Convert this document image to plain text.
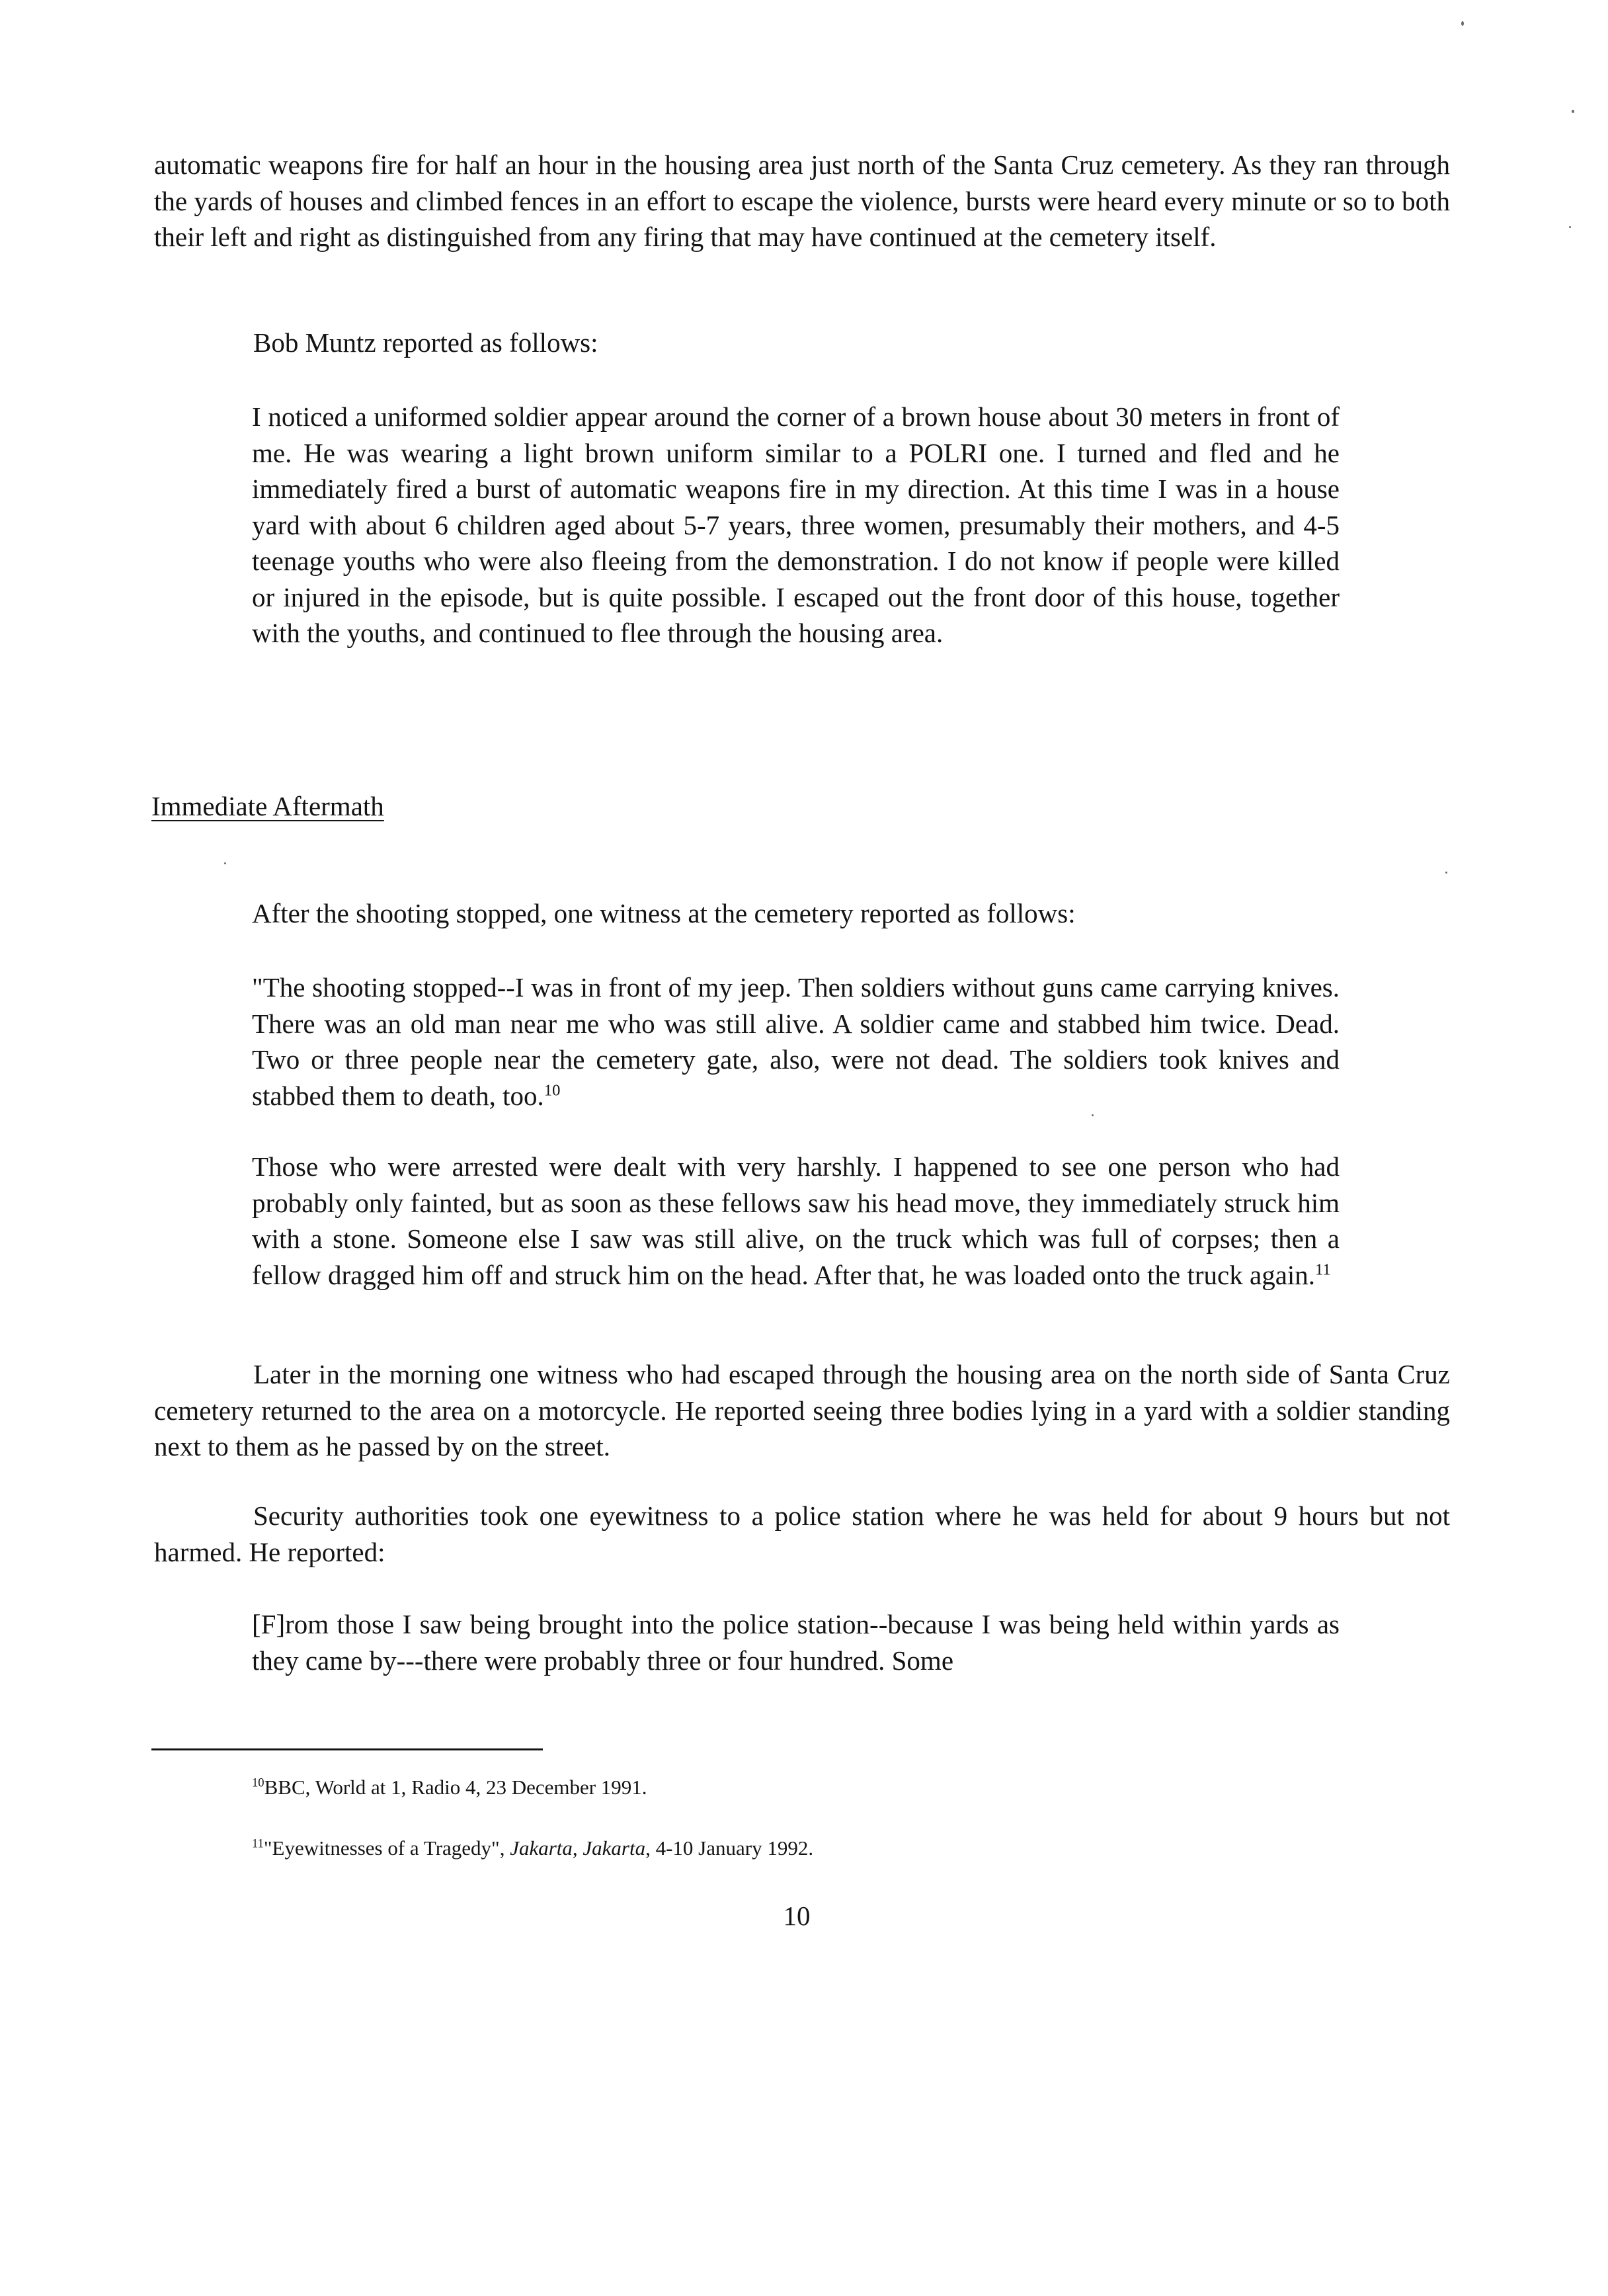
automatic weapons fire for half an hour in the housing area just north of the Santa Cruz cemetery. As they ran through the yards of houses and climbed fences in an effort to escape the violence, bursts were heard every minute or so to both their left and right as distinguished from any firing that may have continued at the cemetery itself.

Bob Muntz reported as follows:

I noticed a uniformed soldier appear around the corner of a brown house about 30 meters in front of me. He was wearing a light brown uniform similar to a POLRI one. I turned and fled and he immediately fired a burst of automatic weapons fire in my direction. At this time I was in a house yard with about 6 children aged about 5-7 years, three women, presumably their mothers, and 4-5 teenage youths who were also fleeing from the demonstration. I do not know if people were killed or injured in the episode, but is quite possible. I escaped out the front door of this house, together with the youths, and continued to flee through the housing area.

Immediate Aftermath

After the shooting stopped, one witness at the cemetery reported as follows:

"The shooting stopped--I was in front of my jeep. Then soldiers without guns came carrying knives. There was an old man near me who was still alive. A soldier came and stabbed him twice. Dead. Two or three people near the cemetery gate, also, were not dead. The soldiers took knives and stabbed them to death, too.$^{10}$

Those who were arrested were dealt with very harshly. I happened to see one person who had probably only fainted, but as soon as these fellows saw his head move, they immediately struck him with a stone. Someone else I saw was still alive, on the truck which was full of corpses; then a fellow dragged him off and struck him on the head. After that, he was loaded onto the truck again.$^{11}$

Later in the morning one witness who had escaped through the housing area on the north side of Santa Cruz cemetery returned to the area on a motorcycle. He reported seeing three bodies lying in a yard with a soldier standing next to them as he passed by on the street.

Security authorities took one eyewitness to a police station where he was held for about 9 hours but not harmed. He reported:

[F]rom those I saw being brought into the police station--because I was being held within yards as they came by---there were probably three or four hundred. Some

$^{10}$BBC, World at 1, Radio 4, 23 December 1991.

$^{11}$"Eyewitnesses of a Tragedy", Jakarta, Jakarta, 4-10 January 1992.

10
